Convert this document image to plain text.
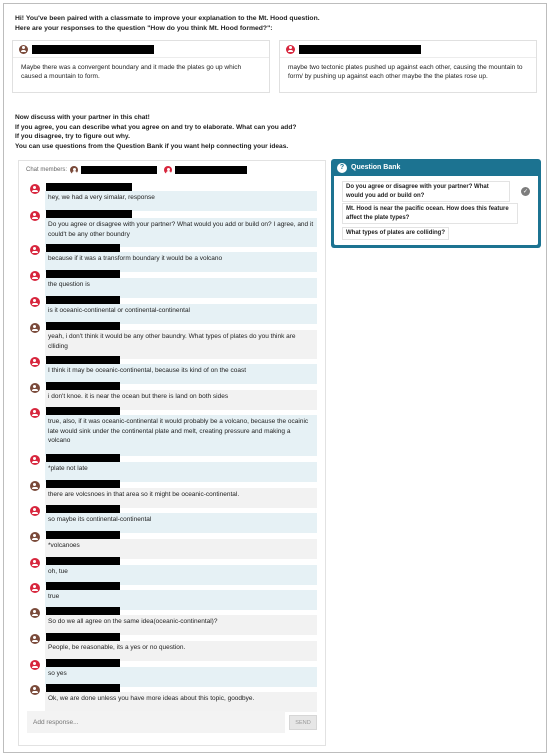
Hi! You've been paired with a classmate to improve your explanation to the Mt. Hood question.
Here are your responses to the question "How do you think Mt. Hood formed?":
Maybe there was a convergent boundary and it made the plates go up which caused a mountain to form.
maybe two tectonic plates pushed up against each other, causing the mountain to form/ by pushing up against each other maybe the the plates rose up.
Now discuss with your partner in this chat!
If you agree, you can describe what you agree on and try to elaborate. What can you add?
If you disagree, try to figure out why.
You can use questions from the Question Bank if you want help connecting your ideas.
Chat members:
hey, we had a very simalar, response
Do you agree or disagree with your partner? What would you add or build on? I agree, and it could't be any other boundry
because if it was a transform boundary it would be a volcano
the question is
is it oceanic-continental or continental-continental
yeah, i don't think it would be any other baundry. What types of plates do you think are clliding
I think it may be oceanic-continental, because its kind of on the coast
i don't knoe. it is near the ocean but there is land on both sides
true, also, if it was oceanic-continental it would probably be a volcano, because the ocainic late would sink under the continental plate and melt, creating pressure and making a volcano
*plate not late
there are volcsnoes in that area so it might be oceanic-continental.
so maybe its continental-continental
*volcanoes
oh, tue
true
So do we all agree on the same idea(oceanic-continental)?
People, be reasonable, its a yes or no question.
so yes
Ok, we are done unless you have more ideas about this topic, goodbye.
Add response...
SEND
? Question Bank
Do you agree or disagree with your partner? What would you add or build on?
✓
Mt. Hood is near the pacific ocean. How does this feature affect the plate types?
What types of plates are colliding?
